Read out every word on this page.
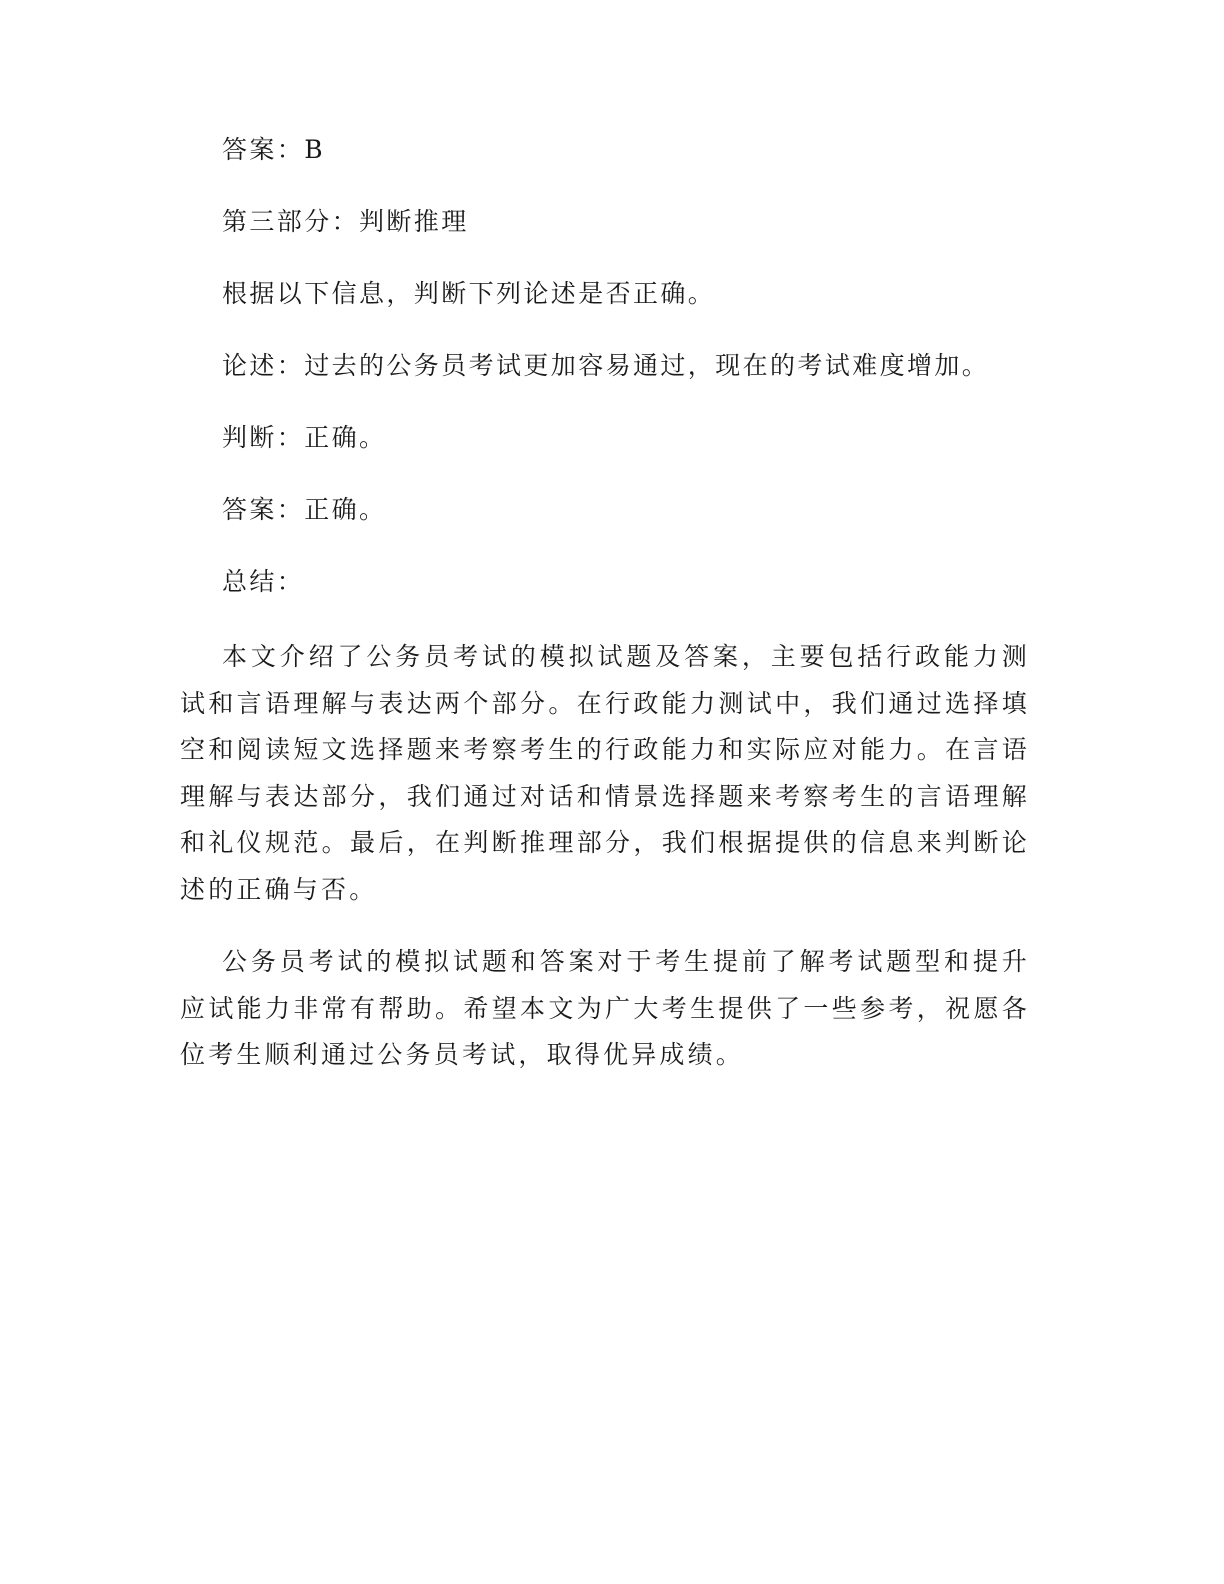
答案：B

第三部分：判断推理

根据以下信息，判断下列论述是否正确。

论述：过去的公务员考试更加容易通过，现在的考试难度增加。

判断：正确。

答案：正确。

总结：

本文介绍了公务员考试的模拟试题及答案，主要包括行政能力测试和言语理解与表达两个部分。在行政能力测试中，我们通过选择填空和阅读短文选择题来考察考生的行政能力和实际应对能力。在言语理解与表达部分，我们通过对话和情景选择题来考察考生的言语理解和礼仪规范。最后，在判断推理部分，我们根据提供的信息来判断论述的正确与否。

公务员考试的模拟试题和答案对于考生提前了解考试题型和提升应试能力非常有帮助。希望本文为广大考生提供了一些参考，祝愿各位考生顺利通过公务员考试，取得优异成绩。
